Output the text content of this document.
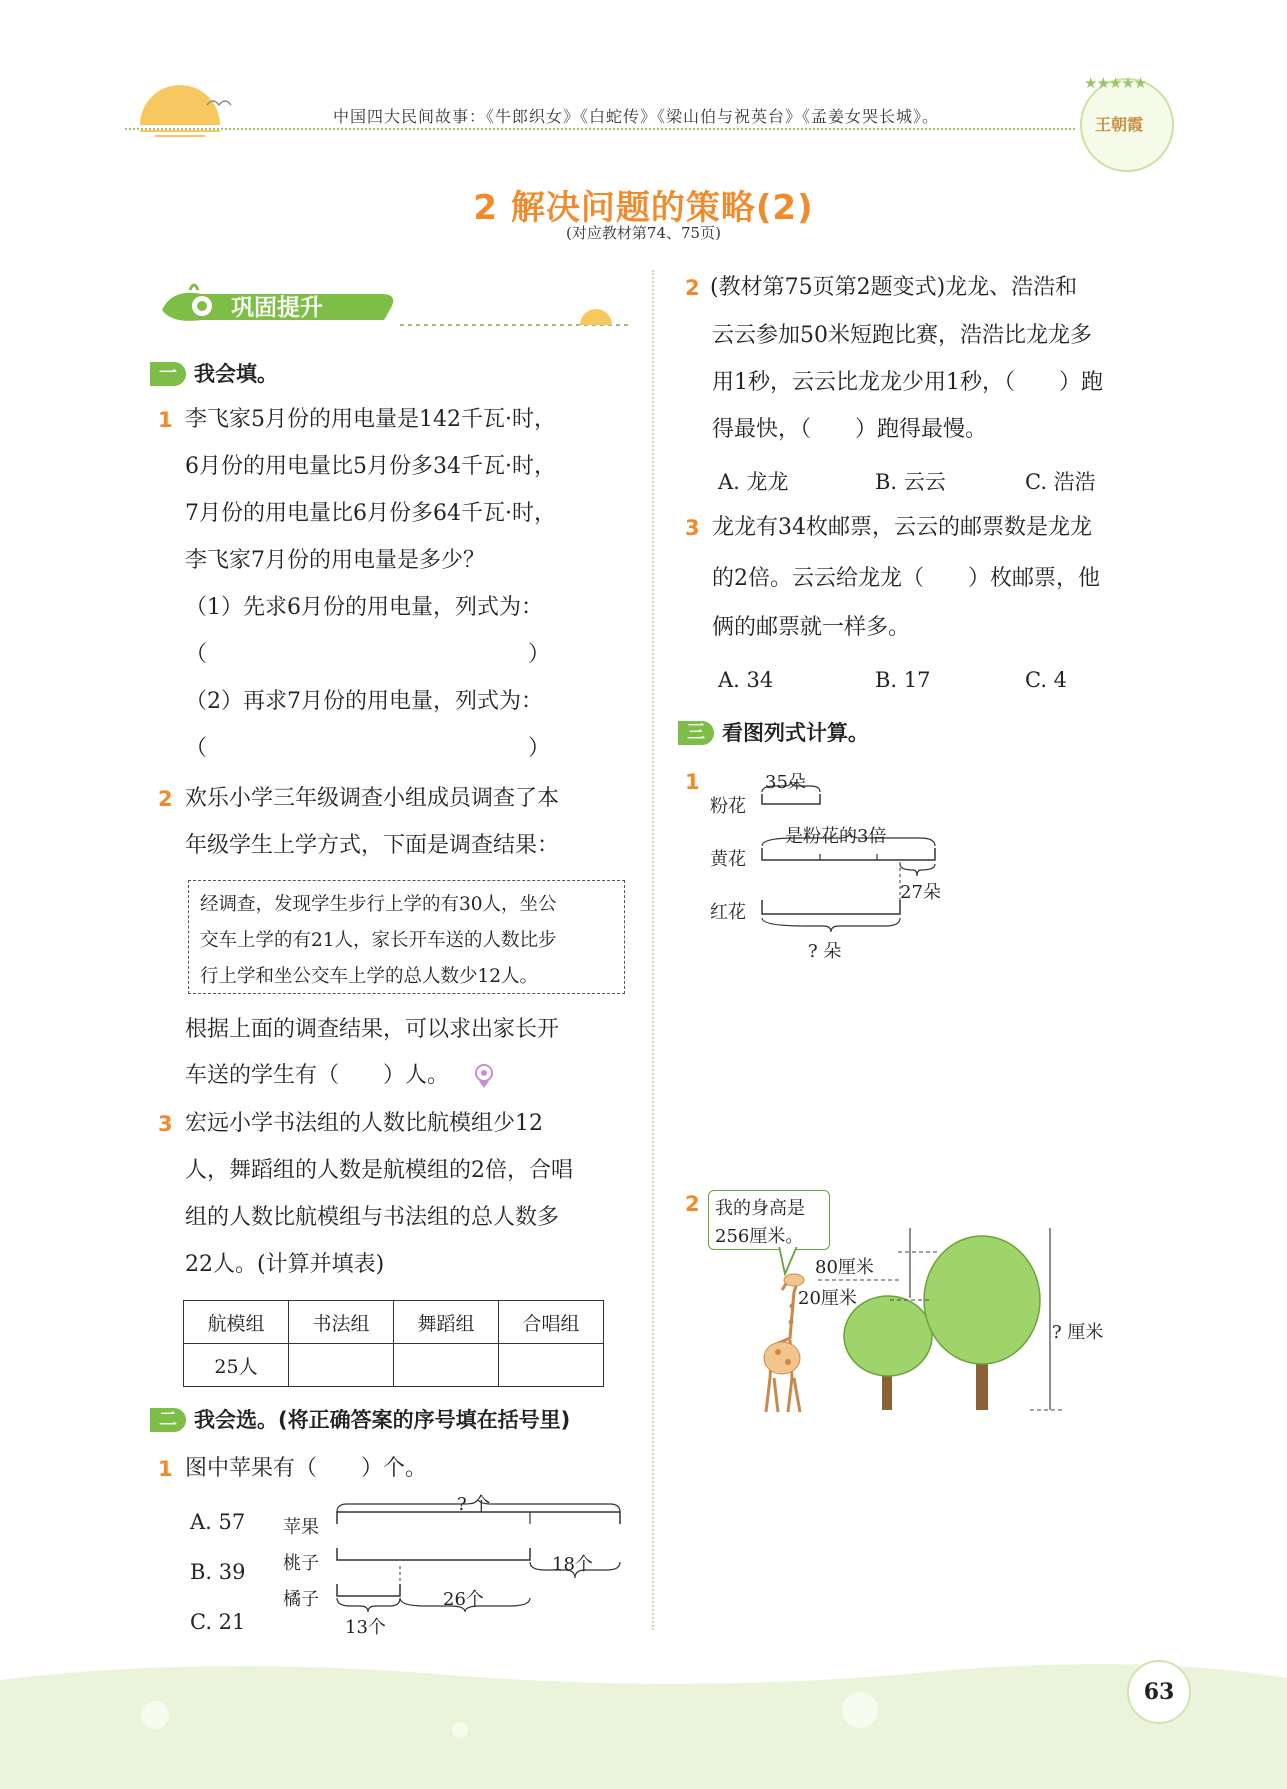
中国四大民间故事：《牛郎织女》《白蛇传》《梁山伯与祝英台》《孟姜女哭长城》。
★★★★★
王朝霞
2 解决问题的策略(2)
(对应教材第74、75页)
巩固提升
一 我会填。
1 李飞家5月份的用电量是142千瓦·时，
6月份的用电量比5月份多34千瓦·时，
7月份的用电量比6月份多64千瓦·时，
李飞家7月份的用电量是多少？
（1）先求6月份的用电量，列式为：
（	）
（2）再求7月份的用电量，列式为：
（	）
2 欢乐小学三年级调查小组成员调查了本
年级学生上学方式，下面是调查结果：
经调查，发现学生步行上学的有30人，坐公
交车上学的有21人，家长开车送的人数比步
行上学和坐公交车上学的总人数少12人。
根据上面的调查结果，可以求出家长开
车送的学生有（　　）人。
3 宏远小学书法组的人数比航模组少12
人，舞蹈组的人数是航模组的2倍，合唱
组的人数比航模组与书法组的总人数多
22人。(计算并填表)
航模组	书法组	舞蹈组	合唱组
25人			
二 我会选。(将正确答案的序号填在括号里)
1 图中苹果有（　　）个。
A. 57
B. 39
C. 21
苹果
桃子
橘子
? 个
18个
26个
13个
2 (教材第75页第2题变式)龙龙、浩浩和
云云参加50米短跑比赛，浩浩比龙龙多
用1秒，云云比龙龙少用1秒，（　　）跑
得最快，（　　）跑得最慢。
A. 龙龙	B. 云云	C. 浩浩
3 龙龙有34枚邮票，云云的邮票数是龙龙
的2倍。云云给龙龙（　　）枚邮票，他
俩的邮票就一样多。
A. 34	B. 17	C. 4
三 看图列式计算。
1
粉花
黄花
红花
35朵
是粉花的3倍
27朵
? 朵
2 我的身高是
256厘米。
80厘米
20厘米
? 厘米
63
